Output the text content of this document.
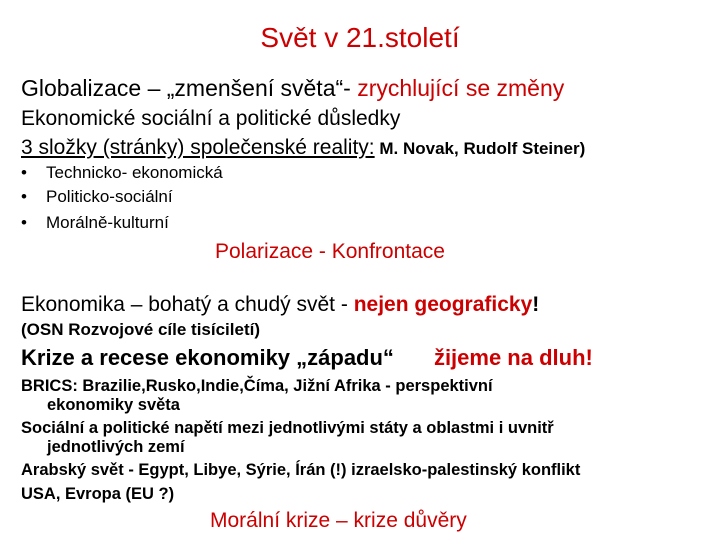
Svět v 21.století
Globalizace – „zmenšení světa“- zrychlující se změny
Ekonomické sociální a politické důsledky
3 složky (stránky) společenské reality: M. Novak, Rudolf Steiner)
• Technicko- ekonomická
• Politicko-sociální
• Morálně-kulturní
Polarizace - Konfrontace
Ekonomika – bohatý a chudý svět - nejen geograficky!
(OSN Rozvojové cíle tisíciletí)
Krize a recese ekonomiky „západu“ žijeme na dluh!
BRICS: Brazilie,Rusko,Indie,Číma, Jižní Afrika - perspektivní
ekonomiky světa
Sociální a politické napětí mezi jednotlivými státy a oblastmi i uvnitř
jednotlivých zemí
Arabský svět - Egypt, Libye, Sýrie, Írán (!) izraelsko-palestinský konflikt
USA, Evropa (EU ?)
Morální krize – krize důvěry
